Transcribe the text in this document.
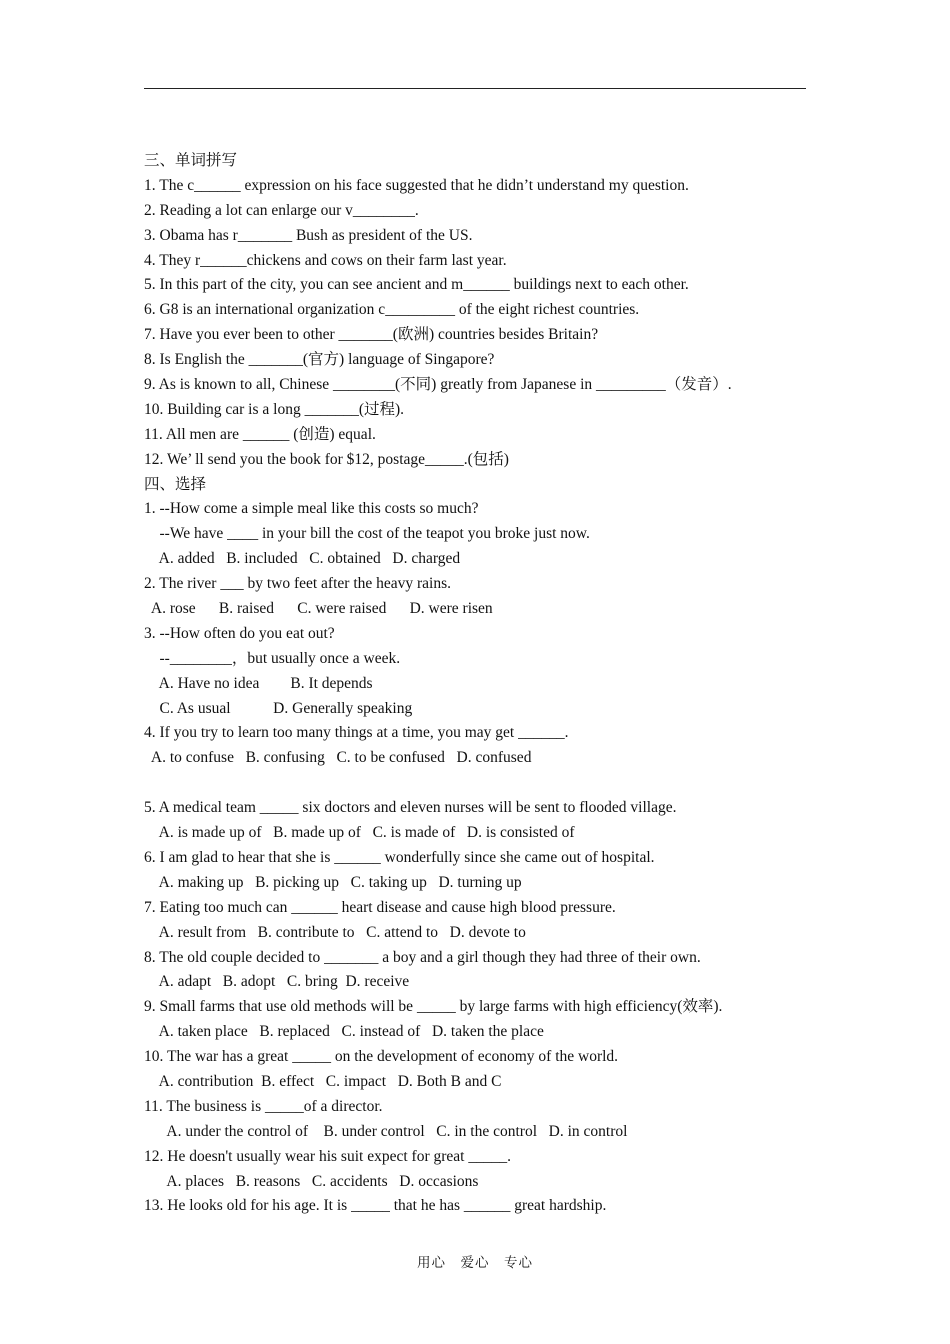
三、单词拼写
1. The c______ expression on his face suggested that he didn’t understand my question.
2. Reading a lot can enlarge our v________.
3. Obama has r_______ Bush as president of the US.
4. They r______chickens and cows on their farm last year.
5. In this part of the city, you can see ancient and m______ buildings next to each other.
6. G8 is an international organization c_________ of the eight richest countries.
7. Have you ever been to other _______(欧洲) countries besides Britain?
8. Is English the _______(官方) language of Singapore?
9. As is known to all, Chinese ________(不同) greatly from Japanese in _________（发音）.
10. Building car is a long _______(过程).
11. All men are ______ (创造) equal.
12. We’ ll send you the book for $12, postage_____.(包括)
四、选择
1. --How come a simple meal like this costs so much?
--We have ____ in your bill the cost of the teapot you broke just now.
A. added   B. included   C. obtained   D. charged
2. The river ___ by two feet after the heavy rains.
A. rose      B. raised      C. were raised      D. were risen
3. --How often do you eat out?
--________，but usually once a week.
A. Have no idea        B. It depends
C. As usual           D. Generally speaking
4. If you try to learn too many things at a time, you may get ______.
A. to confuse   B. confusing   C. to be confused   D. confused
5. A medical team _____ six doctors and eleven nurses will be sent to flooded village.
A. is made up of   B. made up of   C. is made of   D. is consisted of
6. I am glad to hear that she is ______ wonderfully since she came out of hospital.
A. making up   B. picking up   C. taking up   D. turning up
7. Eating too much can ______ heart disease and cause high blood pressure.
A. result from   B. contribute to   C. attend to   D. devote to
8. The old couple decided to _______ a boy and a girl though they had three of their own.
A. adapt   B. adopt   C. bring  D. receive
9. Small farms that use old methods will be _____ by large farms with high efficiency(效率).
A. taken place   B. replaced   C. instead of   D. taken the place
10. The war has a great _____ on the development of economy of the world.
A. contribution  B. effect   C. impact   D. Both B and C
11. The business is _____of a director.
A. under the control of    B. under control   C. in the control   D. in control
12. He doesn't usually wear his suit expect for great _____.
A. places   B. reasons   C. accidents   D. occasions
13. He looks old for his age. It is _____ that he has ______ great hardship.
用心　爱心　专心
